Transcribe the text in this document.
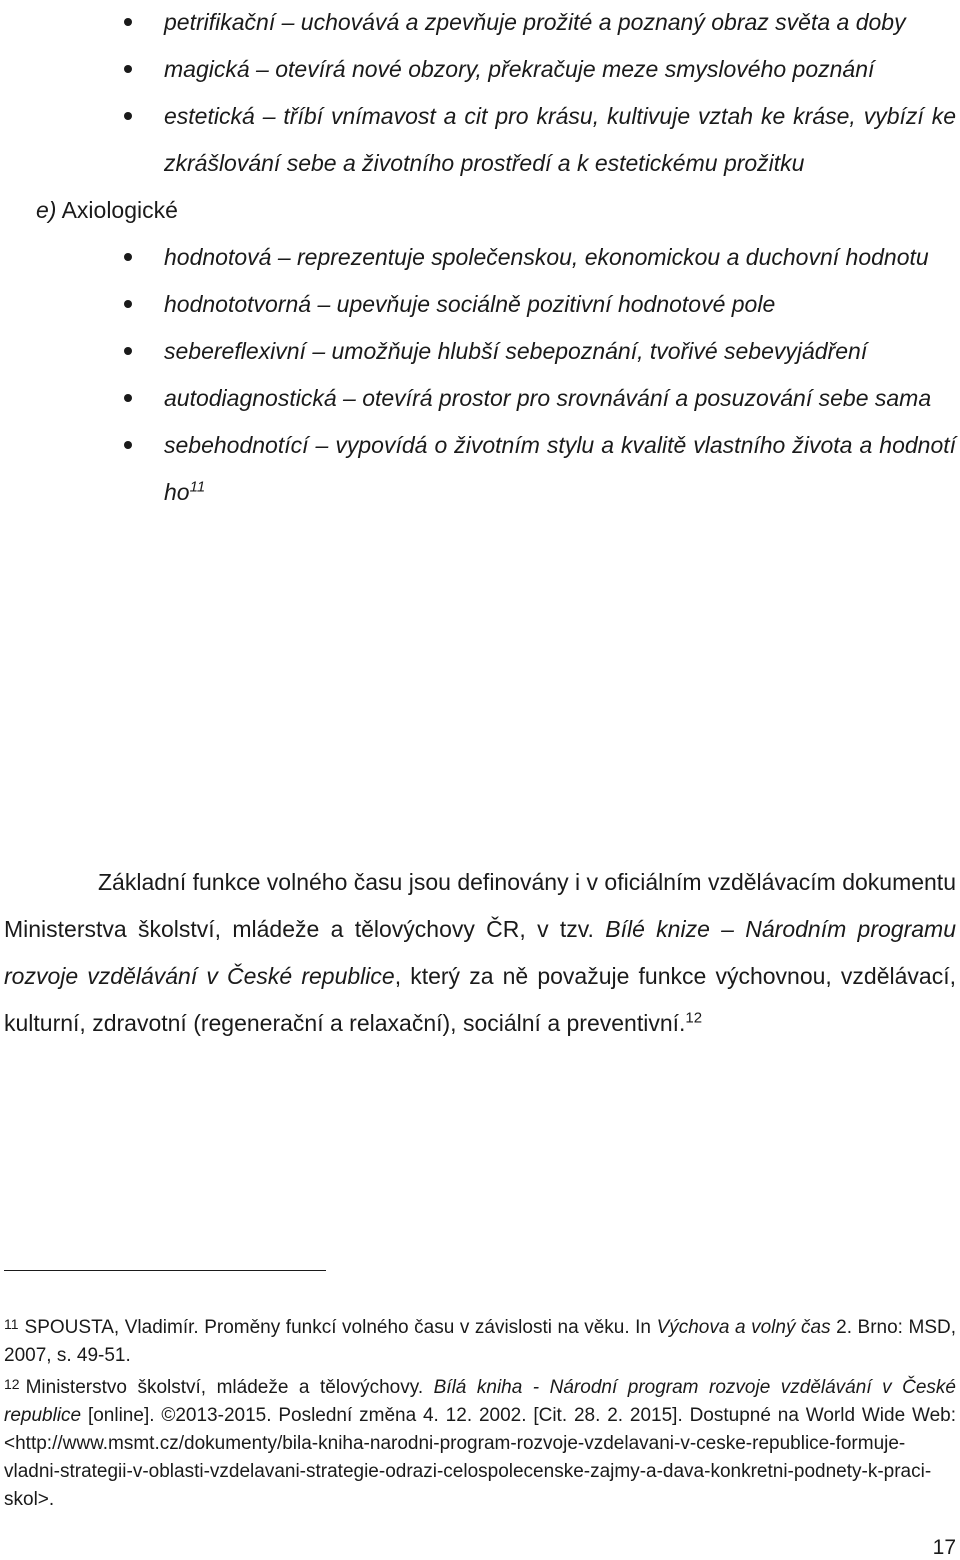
petrifikační – uchovává a zpevňuje prožité a poznaný obraz světa a doby
magická – otevírá nové obzory, překračuje meze smyslového poznání
estetická – tříbí vnímavost a cit pro krásu, kultivuje vztah ke kráse, vybízí ke zkrášlování sebe a životního prostředí a k estetickému prožitku
e) Axiologické
hodnotová – reprezentuje společenskou, ekonomickou a duchovní hodnotu
hodnototvorná – upevňuje sociálně pozitivní hodnotové pole
sebereflexivní – umožňuje hlubší sebepoznání, tvořivé sebevyjádření
autodiagnostická – otevírá prostor pro srovnávání a posuzování sebe sama
sebehodnotící – vypovídá o životním stylu a kvalitě vlastního života a hodnotí $ho^{11}$

Základní funkce volného času jsou definovány i v oficiálním vzdělávacím dokumentu Ministerstva školství, mládeže a tělovýchovy ČR, v tzv. Bílé knize – Národním programu rozvoje vzdělávání v České republice, který za ně považuje funkce výchovnou, vzdělávací, kulturní, zdravotní (regenerační a relaxační), sociální a preventivní.$^{12}$

$^{11}$ SPOUSTA, Vladimír. Proměny funkcí volného času v závislosti na věku. In Výchova a volný čas 2. Brno: MSD, 2007, s. 49-51.

$^{12}$ Ministerstvo školství, mládeže a tělovýchovy. Bílá kniha - Národní program rozvoje vzdělávání v České republice [online]. ©2013-2015. Poslední změna 4. 12. 2002. [Cit. 28. 2. 2015]. Dostupné na World Wide Web: <http://www.msmt.cz/dokumenty/bila-kniha-narodni-program-rozvoje-vzdelavani-v-ceske-republice-formuje-vladni-strategii-v-oblasti-vzdelavani-strategie-odrazi-celospolecenske-zajmy-a-dava-konkretni-podnety-k-praci-skol>.

17
